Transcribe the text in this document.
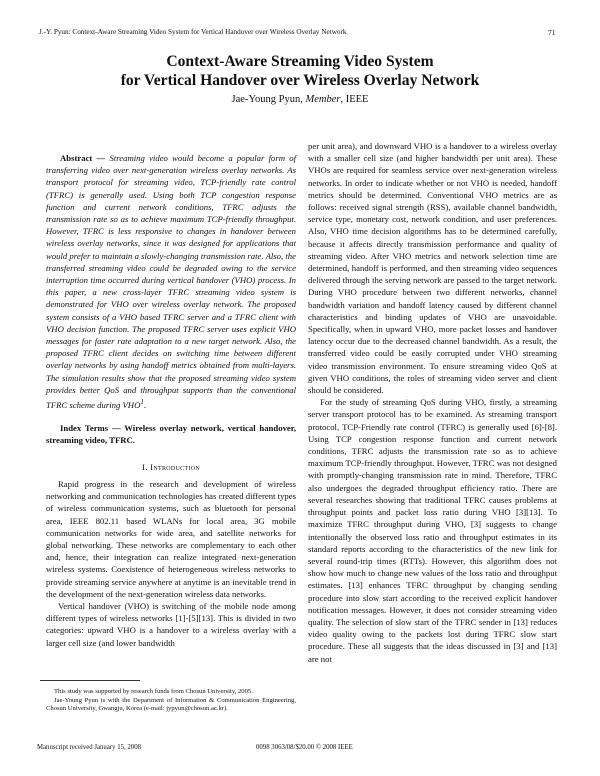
J.-Y. Pyun: Context-Aware Streaming Video System for Vertical Handover over Wireless Overlay Network	71
Context-Aware Streaming Video System
for Vertical Handover over Wireless Overlay Network
Jae-Young Pyun, Member, IEEE
Abstract — Streaming video would become a popular form of transferring video over next-generation wireless overlay networks. As transport protocol for streaming video, TCP-friendly rate control (TFRC) is generally used. Using both TCP congestion response function and current network conditions, TFRC adjusts the transmission rate so as to achieve maximum TCP-friendly throughput. However, TFRC is less responsive to changes in handover between wireless overlay networks, since it was designed for applications that would prefer to maintain a slowly-changing transmission rate. Also, the transferred streaming video could be degraded owing to the service interruption time occurred during vertical handover (VHO) process. In this paper, a new cross-layer TFRC streaming video system is demonstrated for VHO over wireless overlay network. The proposed system consists of a VHO based TFRC server and a TFRC client with VHO decision function. The proposed TFRC server uses explicit VHO messages for faster rate adaptation to a new target network. Also, the proposed TFRC client decides on switching time between different overlay networks by using handoff metrics obtained from multi-layers. The simulation results show that the proposed streaming video system provides better QoS and throughput supports than the conventional TFRC scheme during VHO$^1$.
Index Terms — Wireless overlay network, vertical handover, streaming video, TFRC.
I. Introduction

Rapid progress in the research and development of wireless networking and communication technologies has created different types of wireless communication systems, such as bluetooth for personal area, IEEE 802.11 based WLANs for local area, 3G mobile communication networks for wide area, and satellite networks for global networking. These networks are complementary to each other and, hence, their integration can realize integrated next-generation wireless systems. Coexistence of heterogeneous wireless networks to provide streaming service anywhere at anytime is an inevitable trend in the development of the next-generation wireless data networks.

Vertical handover (VHO) is switching of the mobile node among different types of wireless networks [1]-[5][13]. This is divided in two categories: upward VHO is a handover to a wireless overlay with a larger cell size (and lower bandwidth

per unit area), and downward VHO is a handover to a wireless overlay with a smaller cell size (and higher bandwidth per unit area). These VHOs are required for seamless service over next-generation wireless networks. In order to indicate whether or not VHO is needed, handoff metrics should be determined. Conventional VHO metrics are as follows: received signal strength (RSS), available channel bandwidth, service type, monetary cost, network condition, and user preferences. Also, VHO time decision algorithms has to be determined carefully, because it affects directly transmission performance and quality of streaming video. After VHO metrics and network selection time are determined, handoff is performed, and then streaming video sequences delivered through the serving network are passed to the target network. During VHO procedure between two different networks, channel bandwidth variation and handoff latency caused by different channel characteristics and binding updates of VHO are unavoidable. Specifically, when in upward VHO, more packet losses and handover latency occur due to the decreased channel bandwidth. As a result, the transferred video could be easily corrupted under VHO streaming video transmission environment. To ensure streaming video QoS at given VHO conditions, the roles of streaming video server and client should be considered.

For the study of streaming QoS during VHO, firstly, a streaming server transport protocol has to be examined. As streaming transport protocol, TCP-Friendly rate control (TFRC) is generally used [6]-[8]. Using TCP congestion response function and current network conditions, TFRC adjusts the transmission rate so as to achieve maximum TCP-friendly throughput. However, TFRC was not designed with promptly-changing transmission rate in mind. Therefore, TFRC also undergoes the degraded throughput efficiency ratio. There are several researches showing that traditional TFRC causes problems at throughput points and packet loss ratio during VHO [3][13]. To maximize TFRC throughput during VHO, [3] suggests to change intentionally the observed loss ratio and throughput estimates in its standard reports according to the characteristics of the new link for several round-trip times (RTTs). However, this algorithm does not show how much to change new values of the loss ratio and throughput estimates. [13] enhances TFRC throughput by changing sending procedure into slow start according to the received explicit handover notification messages. However, it does not consider streaming video quality. The selection of slow start of the TFRC sender in [13] reduces video quality owing to the packets lost during TFRC slow start procedure. These all suggests that the ideas discussed in [3] and [13] are not

This study was supported by research funds from Chosun University, 2005.

Jae-Young Pyun is with the Department of Information & Communication Engineering, Chosun University, Gwangju, Korea (e-mail: jypyun@chosun.ac.kr).

Manuscript received January 15, 2008	0098 3063/08/$20.00 © 2008 IEEE
